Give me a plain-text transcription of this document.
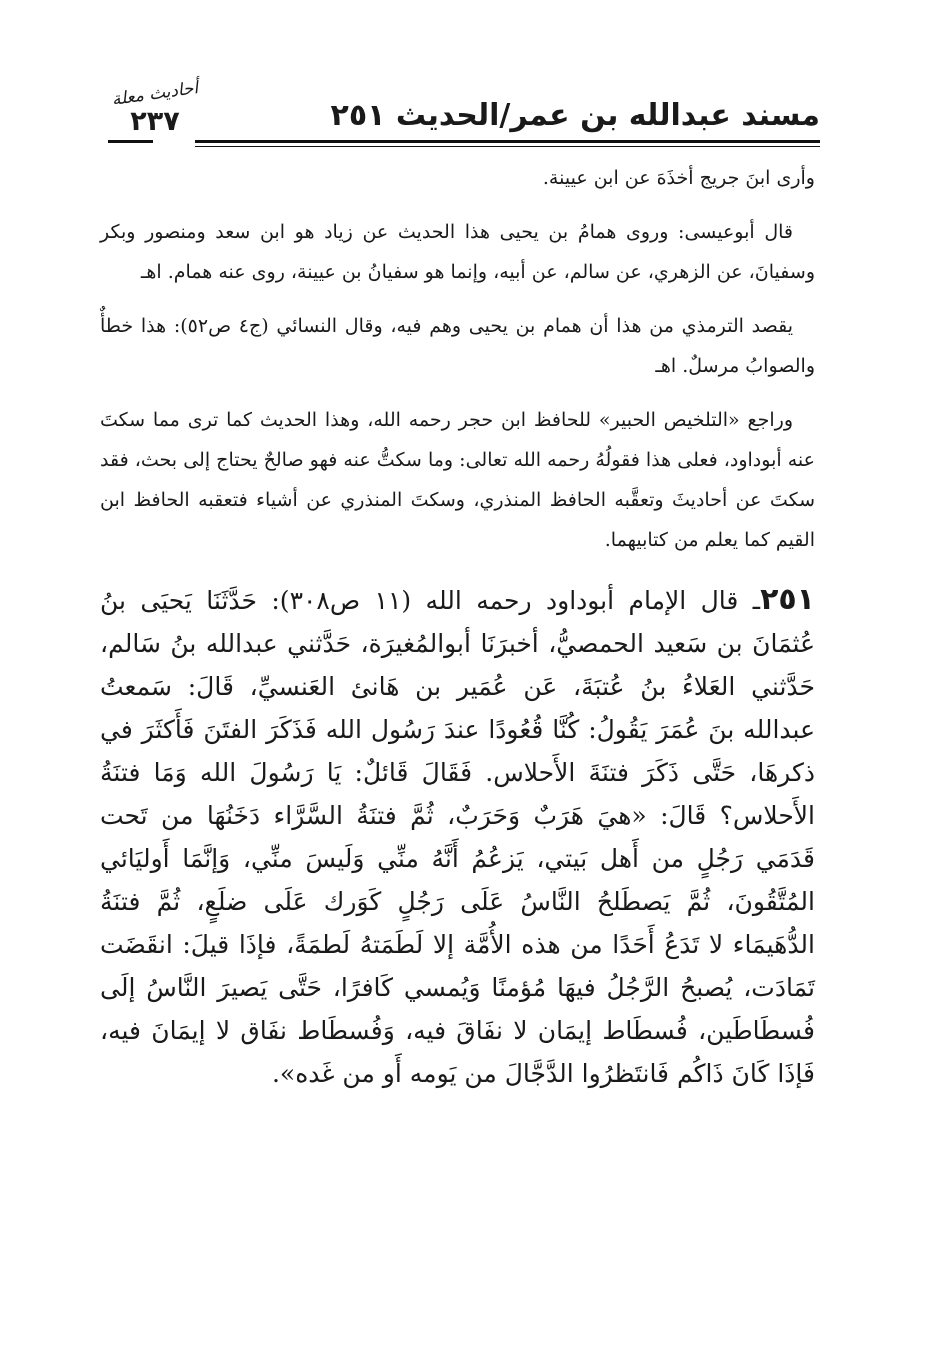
أحاديث معلة
٢٣٧	مسند عبدالله بن عمر/الحديث ٢٥١

وأرى ابنَ جريج أخذَهَ عن ابن عيينة.

قال أبوعيسى: وروى همامُ بن يحيى هذا الحديث عن زياد هو ابن سعد ومنصور وبكر وسفيانَ، عن الزهري، عن سالم، عن أبيه، وإنما هو سفيانُ بن عيينة، روى عنه همام. اهـ

يقصد الترمذي من هذا أن همام بن يحيى وهم فيه، وقال النسائي (ج٤ ص٥٢): هذا خطأٌ والصوابُ مرسلٌ. اهـ

وراجع «التلخيص الحبير» للحافظ ابن حجر رحمه الله، وهذا الحديث كما ترى مما سكتَ عنه أبوداود، فعلى هذا فقولُهُ رحمه الله تعالى: وما سكتُّ عنه فهو صالحٌ يحتاج إلى بحث، فقد سكتَ عن أحاديثَ وتعقَّبه الحافظ المنذري، وسكتَ المنذري عن أشياء فتعقبه الحافظ ابن القيم كما يعلم من كتابيهما.

٢٥١ـ قال الإمام أبوداود رحمه الله (١١ ص٣٠٨): حَدَّثَنَا يَحيَى بنُ عُثمَانَ بن سَعيد الحمصيُّ، أخبرَنَا أبوالمُغيرَة، حَدَّثني عبدالله بنُ سَالم، حَدَّثني العَلاءُ بنُ عُتبَةَ، عَن عُمَير بن هَانئ العَنسيِّ، قَالَ: سَمعتُ عبدالله بنَ عُمَرَ يَقُولُ: كُنَّا قُعُودًا عندَ رَسُول الله فَذَكَرَ الفتَنَ فَأَكثَرَ في ذكرهَا، حَتَّى ذَكَرَ فتنَةَ الأَحلاس. فَقَالَ قَائلٌ: يَا رَسُولَ الله وَمَا فتنَةُ الأَحلاس؟ قَالَ: «هيَ هَرَبٌ وَحَرَبٌ، ثُمَّ فتنَةُ السَّرَّاء دَخَنُهَا من تَحت قَدَمَي رَجُلٍ من أَهل بَيتي، يَزعُمُ أَنَّهُ منِّي وَلَيسَ منِّي، وَإنَّمَا أَوليَائي المُتَّقُونَ، ثُمَّ يَصطَلحُ النَّاسُ عَلَى رَجُلٍ كَوَرك عَلَى ضلَعٍ، ثُمَّ فتنَةُ الدُّهَيمَاء لا تَدَعُ أَحَدًا من هذه الأُمَّة إلا لَطَمَتهُ لَطمَةً، فإذَا قيلَ: انقَضَت تَمَادَت، يُصبحُ الرَّجُلُ فيهَا مُؤمنًا وَيُمسي كَافرًا، حَتَّى يَصيرَ النَّاسُ إلَى فُسطَاطَين، فُسطَاط إيمَان لا نفَاقَ فيه، وَفُسطَاط نفَاق لا إيمَانَ فيه، فَإذَا كَانَ ذَاكُم فَانتَظرُوا الدَّجَّالَ من يَومه أَو من غَده».
